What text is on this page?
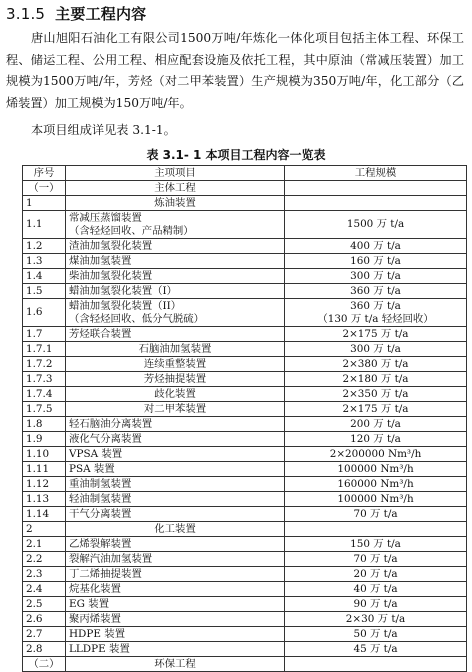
3.1.5 主要工程内容
唐山旭阳石油化工有限公司1500万吨/年炼化一体化项目包括主体工程、环保工程、储运工程、公用工程、相应配套设施及依托工程，其中原油（常减压装置）加工规模为1500万吨/年，芳烃（对二甲苯装置）生产规模为350万吨/年，化工部分（乙烯装置）加工规模为150万吨/年。
本项目组成详见表 3.1-1。
表 3.1- 1 本项目工程内容一览表
序号	主项项目	工程规模
（一）	主体工程	
1	炼油装置	
1.1	常减压蒸馏装置
（含轻烃回收、产品精制）	1500 万 t/a
1.2	渣油加氢裂化装置	400 万 t/a
1.3	煤油加氢装置	160 万 t/a
1.4	柴油加氢裂化装置	300 万 t/a
1.5	蜡油加氢裂化装置（I）	360 万 t/a
1.6	蜡油加氢裂化装置（II）
（含轻烃回收、低分气脱硫）	360 万 t/a
（130 万 t/a 轻烃回收）
1.7	芳烃联合装置	2×175 万 t/a
1.7.1	石脑油加氢装置	300 万 t/a
1.7.2	连续重整装置	2×380 万 t/a
1.7.3	芳烃抽提装置	2×180 万 t/a
1.7.4	歧化装置	2×350 万 t/a
1.7.5	对二甲苯装置	2×175 万 t/a
1.8	轻石脑油分离装置	200 万 t/a
1.9	液化气分离装置	120 万 t/a
1.10	VPSA 装置	2×200000 Nm³/h
1.11	PSA 装置	100000 Nm³/h
1.12	重油制氢装置	160000 Nm³/h
1.13	轻油制氢装置	100000 Nm³/h
1.14	干气分离装置	70 万 t/a
2	化工装置	
2.1	乙烯裂解装置	150 万 t/a
2.2	裂解汽油加氢装置	70 万 t/a
2.3	丁二烯抽提装置	20 万 t/a
2.4	烷基化装置	40 万 t/a
2.5	EG 装置	90 万 t/a
2.6	聚丙烯装置	2×30 万 t/a
2.7	HDPE 装置	50 万 t/a
2.8	LLDPE 装置	45 万 t/a
（二）	环保工程	
